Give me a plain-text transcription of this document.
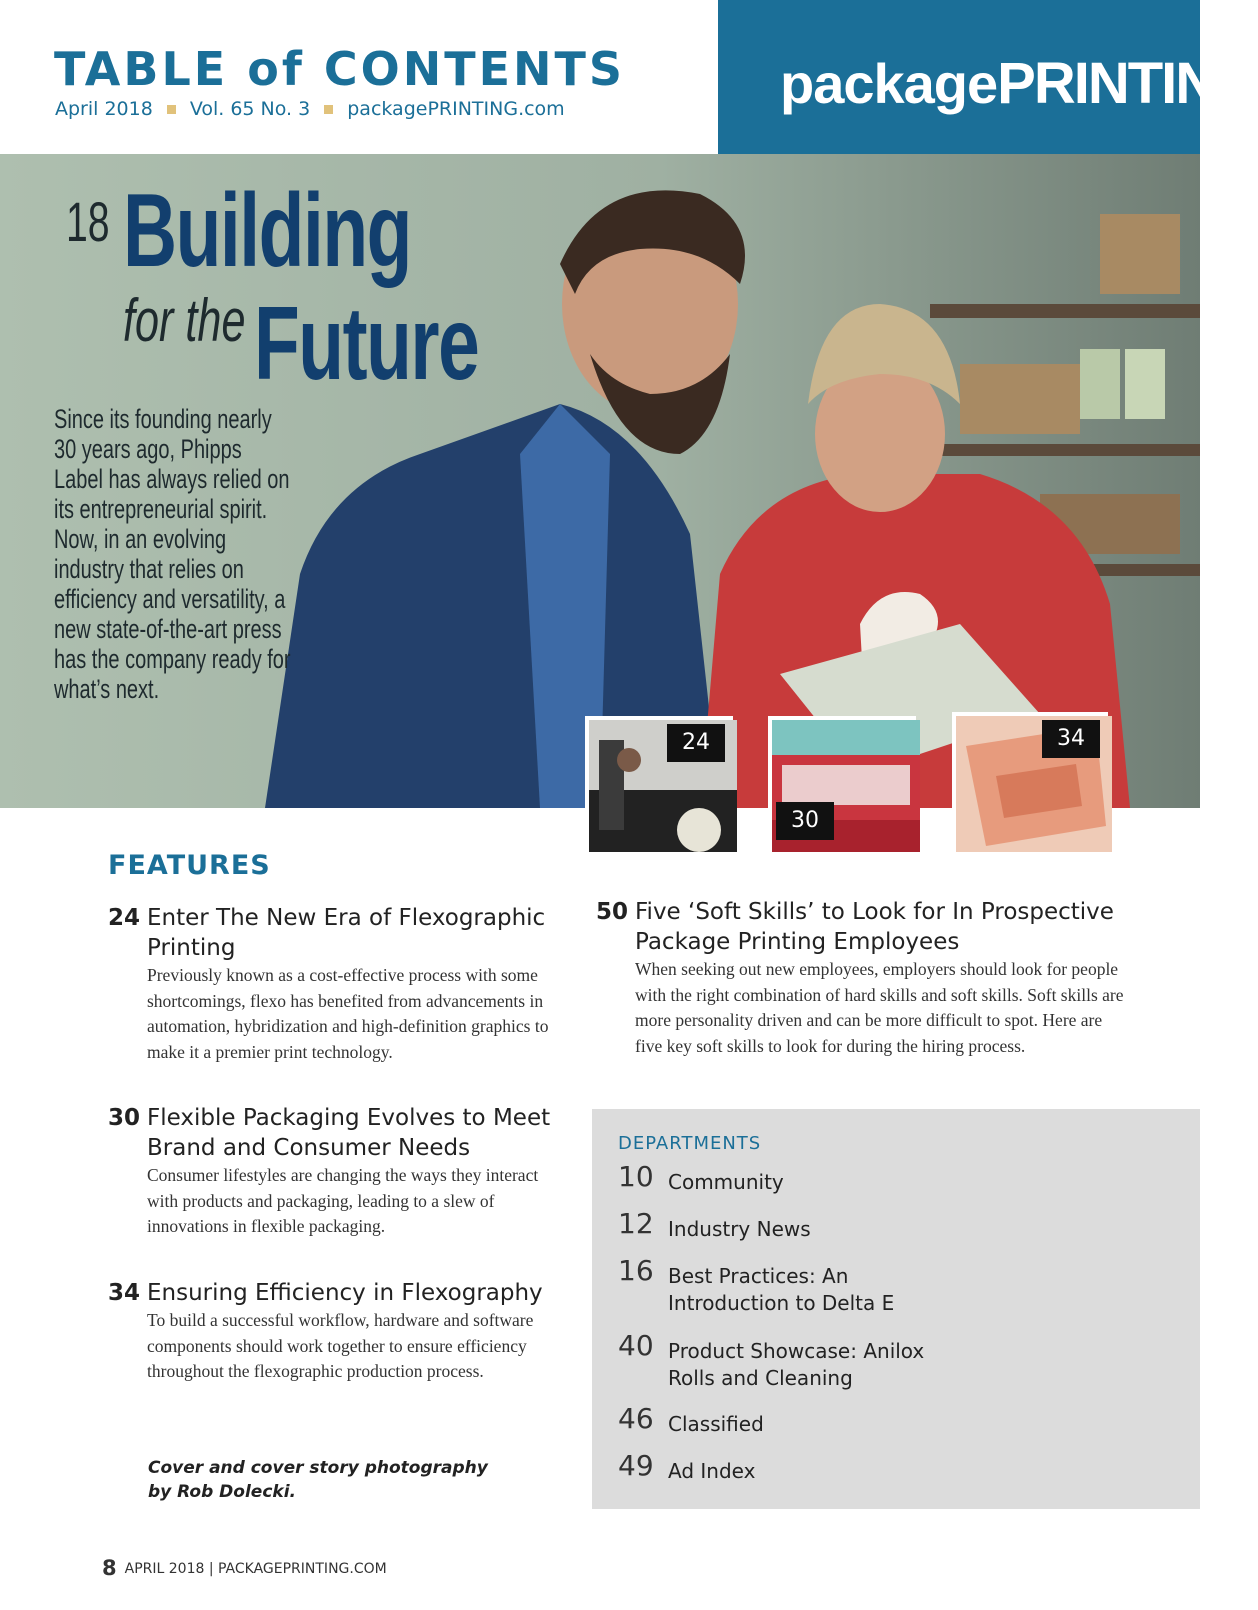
TABLE of CONTENTS
April 2018 Vol. 65 No. 3 packagePRINTING.com	packagePRINTING
18 Building
for the Future
Since its founding nearly 30 years ago, Phipps Label has always relied on its entrepreneurial spirit. Now, in an evolving industry that relies on efficiency and versatility, a new state-of-the-art press has the company ready for what’s next.
24
30
34
FEATURES
24 Enter The New Era of Flexographic Printing
Previously known as a cost-effective process with some shortcomings, flexo has benefited from advancements in automation, hybridization and high-definition graphics to make it a premier print technology.
30 Flexible Packaging Evolves to Meet Brand and Consumer Needs
Consumer lifestyles are changing the ways they interact with products and packaging, leading to a slew of innovations in flexible packaging.
34 Ensuring Efficiency in Flexography
To build a successful workflow, hardware and software components should work together to ensure efficiency throughout the flexographic production process.
50 Five ‘Soft Skills’ to Look for In Prospective Package Printing Employees
When seeking out new employees, employers should look for people with the right combination of hard skills and soft skills. Soft skills are more personality driven and can be more difficult to spot. Here are five key soft skills to look for during the hiring process.
DEPARTMENTS
10 Community
12 Industry News
16 Best Practices: An Introduction to Delta E
40 Product Showcase: Anilox Rolls and Cleaning
46 Classified
49 Ad Index
Cover and cover story photography
by Rob Dolecki.
8 APRIL 2018 | PACKAGEPRINTING.COM
